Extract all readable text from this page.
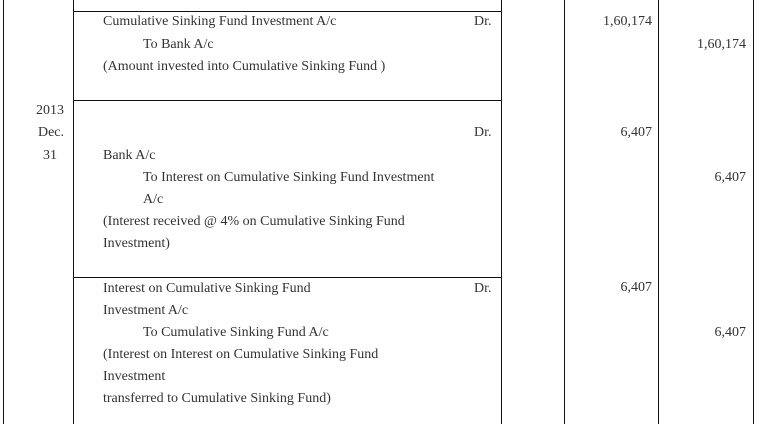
Cumulative Sinking Fund Investment A/c	Dr.
To Bank A/c
(Amount invested into Cumulative Sinking Fund )
1,60,174
1,60,174
2013
Dec.
31
Dr.
Bank A/c
To Interest on Cumulative Sinking Fund Investment
A/c
(Interest received @ 4% on Cumulative Sinking Fund
Investment)
6,407
6,407
Interest on Cumulative Sinking Fund	Dr.
Investment A/c
To Cumulative Sinking Fund A/c
(Interest on Interest on Cumulative Sinking Fund
Investment
transferred to Cumulative Sinking Fund)
6,407
6,407
